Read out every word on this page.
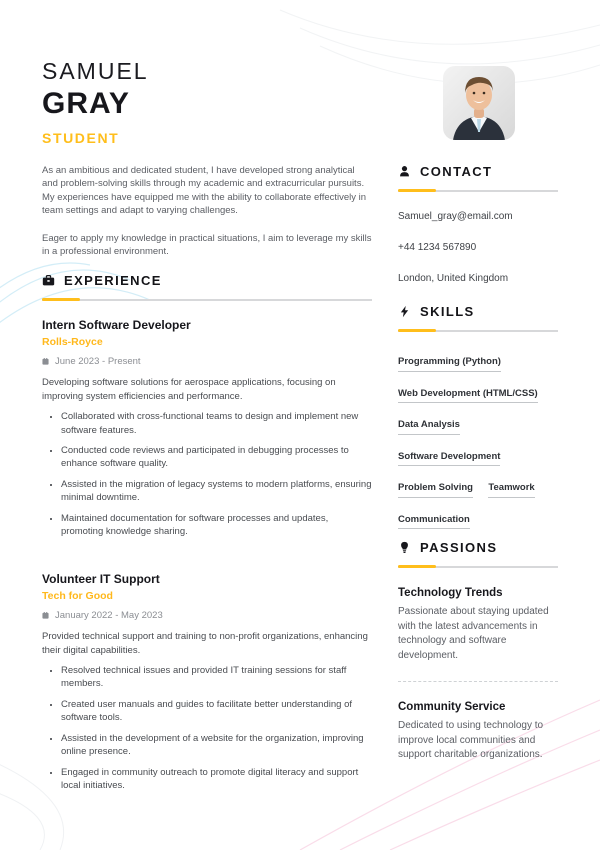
SAMUEL
GRAY
STUDENT

As an ambitious and dedicated student, I have developed strong analytical and problem-solving skills through my academic and extracurricular pursuits. My experiences have equipped me with the ability to collaborate effectively in team settings and adapt to varying challenges.

Eager to apply my knowledge in practical situations, I aim to leverage my skills in a professional environment.

EXPERIENCE
Intern Software Developer
Rolls-Royce
June 2023 - Present
Developing software solutions for aerospace applications, focusing on improving system efficiencies and performance.
• Collaborated with cross-functional teams to design and implement new software features.
• Conducted code reviews and participated in debugging processes to enhance software quality.
• Assisted in the migration of legacy systems to modern platforms, ensuring minimal downtime.
• Maintained documentation for software processes and updates, promoting knowledge sharing.
Volunteer IT Support
Tech for Good
January 2022 - May 2023
Provided technical support and training to non-profit organizations, enhancing their digital capabilities.
• Resolved technical issues and provided IT training sessions for staff members.
• Created user manuals and guides to facilitate better understanding of software tools.
• Assisted in the development of a website for the organization, improving online presence.
• Engaged in community outreach to promote digital literacy and support local initiatives.
CONTACT
Samuel_gray@email.com
+44 1234 567890
London, United Kingdom
SKILLS
Programming (Python) Web Development (HTML/CSS) Data Analysis Software Development Problem Solving Teamwork Communication
PASSIONS
Technology Trends
Passionate about staying updated with the latest advancements in technology and software development.
Community Service
Dedicated to using technology to improve local communities and support charitable organizations.
